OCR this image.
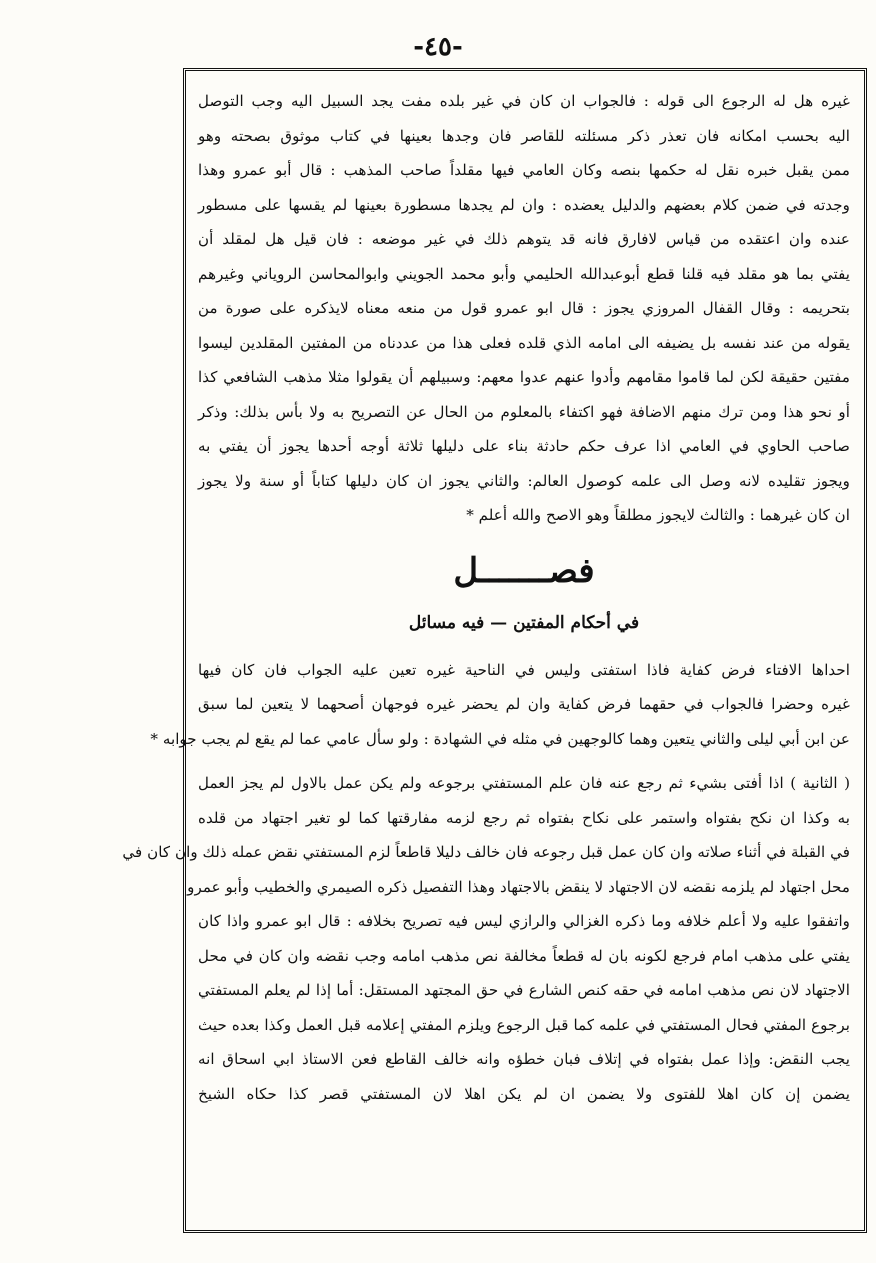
-٤٥-
غيره هل له الرجوع الى قوله : فالجواب ان كان في غير بلده مفت يجد السبيل اليه وجب التوصل
اليه بحسب امكانه فان تعذر ذكر مسئلته للقاصر فان وجدها بعينها في كتاب موثوق بصحته وهو
ممن يقبل خبره نقل له حكمها بنصه وكان العامي فيها مقلداً صاحب المذهب : قال أبو عمرو وهذا
وجدته في ضمن كلام بعضهم والدليل يعضده : وان لم يجدها مسطورة بعينها لم يقسها على مسطور
عنده وان اعتقده من قياس لافارق فانه قد يتوهم ذلك في غير موضعه : فان قيل هل لمقلد أن
يفتي بما هو مقلد فيه قلنا قطع أبوعبدالله الحليمي وأبو محمد الجويني وابوالمحاسن الروياني وغيرهم
بتحريمه : وقال القفال المروزي يجوز : قال ابو عمرو قول من منعه معناه لايذكره على صورة من
يقوله من عند نفسه بل يضيفه الى امامه الذي قلده فعلى هذا من عددناه من المفتين المقلدين ليسوا
مفتين حقيقة لكن لما قاموا مقامهم وأدوا عنهم عدوا معهم: وسبيلهم أن يقولوا مثلا مذهب الشافعي كذا
أو نحو هذا ومن ترك منهم الاضافة فهو اكتفاء بالمعلوم من الحال عن التصريح به ولا بأس بذلك: وذكر
صاحب الحاوي في العامي اذا عرف حكم حادثة بناء على دليلها ثلاثة أوجه أحدها يجوز أن يفتي به
ويجوز تقليده لانه وصل الى علمه كوصول العالم: والثاني يجوز ان كان دليلها كتاباً أو سنة ولا يجوز
ان كان غيرهما : والثالث لايجوز مطلقاً وهو الاصح والله أعلم *
فصـــــــل
في أحكام المفتين — فيه مسائل
احداها الافتاء فرض كفاية فاذا استفتى وليس في الناحية غيره تعين عليه الجواب فان كان فيها
غيره وحضرا فالجواب في حقهما فرض كفاية وان لم يحضر غيره فوجهان أصحهما لا يتعين لما سبق
عن ابن أبي ليلى والثاني يتعين وهما كالوجهين في مثله في الشهادة : ولو سأل عامي عما لم يقع لم يجب جوابه *
( الثانية ) اذا أفتى بشيء ثم رجع عنه فان علم المستفتي برجوعه ولم يكن عمل بالاول لم يجز العمل
به وكذا ان نكح بفتواه واستمر على نكاح بفتواه ثم رجع لزمه مفارقتها كما لو تغير اجتهاد من قلده
في القبلة في أثناء صلاته وان كان عمل قبل رجوعه فان خالف دليلا قاطعاً لزم المستفتي نقض عمله ذلك وان كان في
محل اجتهاد لم يلزمه نقضه لان الاجتهاد لا ينقض بالاجتهاد وهذا التفصيل ذكره الصيمري والخطيب وأبو عمرو
واتفقوا عليه ولا أعلم خلافه وما ذكره الغزالي والرازي ليس فيه تصريح بخلافه : قال ابو عمرو واذا كان
يفتي على مذهب امام فرجع لكونه بان له قطعاً مخالفة نص مذهب امامه وجب نقضه وان كان في محل
الاجتهاد لان نص مذهب امامه في حقه كنص الشارع في حق المجتهد المستقل: أما إذا لم يعلم المستفتي
برجوع المفتي فحال المستفتي في علمه كما قبل الرجوع ويلزم المفتي إعلامه قبل العمل وكذا بعده حيث
يجب النقض: وإذا عمل بفتواه في إتلاف فبان خطؤه وانه خالف القاطع فعن الاستاذ ابي اسحاق انه
يضمن إن كان اهلا للفتوى ولا يضمن ان لم يكن اهلا لان المستفتي قصر كذا حكاه الشيخ
